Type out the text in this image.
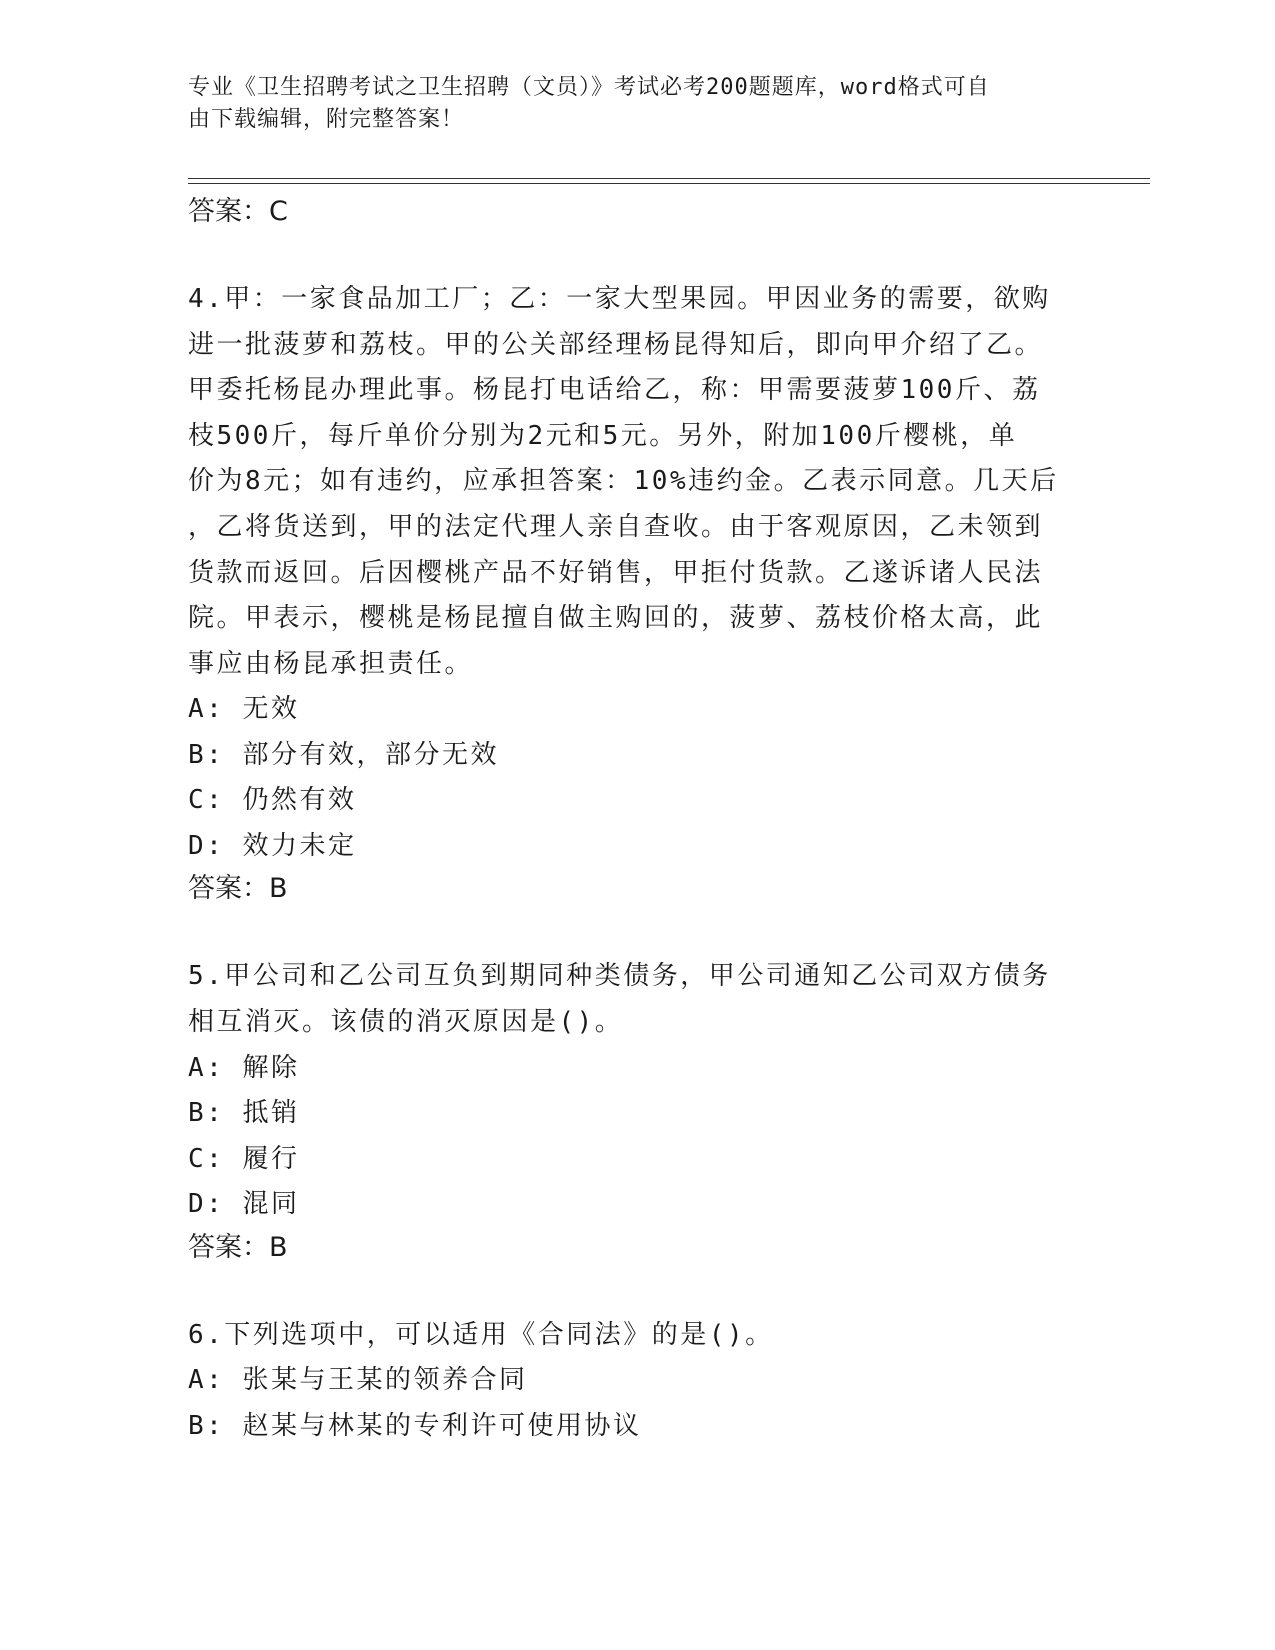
专业《卫生招聘考试之卫生招聘（文员）》考试必考200题题库，word格式可自
由下载编辑，附完整答案！

答案：C

4.甲：一家食品加工厂；乙：一家大型果园。甲因业务的需要，欲购
进一批菠萝和荔枝。甲的公关部经理杨昆得知后，即向甲介绍了乙。
甲委托杨昆办理此事。杨昆打电话给乙，称：甲需要菠萝100斤、荔
枝500斤，每斤单价分别为2元和5元。另外，附加100斤樱桃，单
价为8元；如有违约，应承担答案：10%违约金。乙表示同意。几天后
，乙将货送到，甲的法定代理人亲自查收。由于客观原因，乙未领到
货款而返回。后因樱桃产品不好销售，甲拒付货款。乙遂诉诸人民法
院。甲表示，樱桃是杨昆擅自做主购回的，菠萝、荔枝价格太高，此
事应由杨昆承担责任。

A: 无效

B: 部分有效，部分无效

C: 仍然有效

D: 效力未定

答案：B

5.甲公司和乙公司互负到期同种类债务，甲公司通知乙公司双方债务
相互消灭。该债的消灭原因是()。

A: 解除

B: 抵销

C: 履行

D: 混同

答案：B

6.下列选项中，可以适用《合同法》的是()。

A: 张某与王某的领养合同

B: 赵某与林某的专利许可使用协议
